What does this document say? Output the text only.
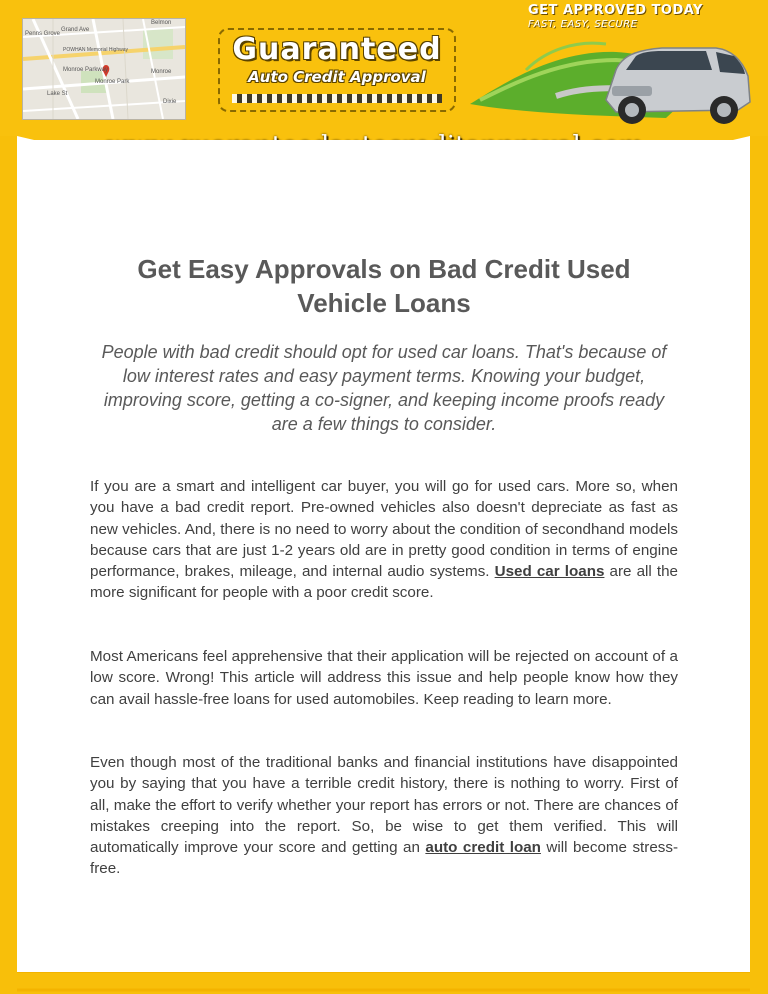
Belmon
Grand Ave
Penns Grove
POWHAN Memorial Highway
Monroe Parkway
Monroe Park
Lake St
Dixie
Monroe
Guaranteed
Auto Credit Approval
GET APPROVED TODAY
FAST, EASY, SECURE
Get Easy Approvals on Bad Credit Used Vehicle Loans

People with bad credit should opt for used car loans. That's because of low interest rates and easy payment terms. Knowing your budget, improving score, getting a co-signer, and keeping income proofs ready are a few things to consider.

If you are a smart and intelligent car buyer, you will go for used cars. More so, when you have a bad credit report. Pre-owned vehicles also doesn't depreciate as fast as new vehicles. And, there is no need to worry about the condition of secondhand models because cars that are just 1-2 years old are in pretty good condition in terms of engine performance, brakes, mileage, and internal audio systems. Used car loans are all the more significant for people with a poor credit score.

Most Americans feel apprehensive that their application will be rejected on account of a low score. Wrong! This article will address this issue and help people know how they can avail hassle-free loans for used automobiles. Keep reading to learn more.

Even though most of the traditional banks and financial institutions have disappointed you by saying that you have a terrible credit history, there is nothing to worry. First of all, make the effort to verify whether your report has errors or not. There are chances of mistakes creeping into the report. So, be wise to get them verified. This will automatically improve your score and getting an auto credit loan will become stress-free.
